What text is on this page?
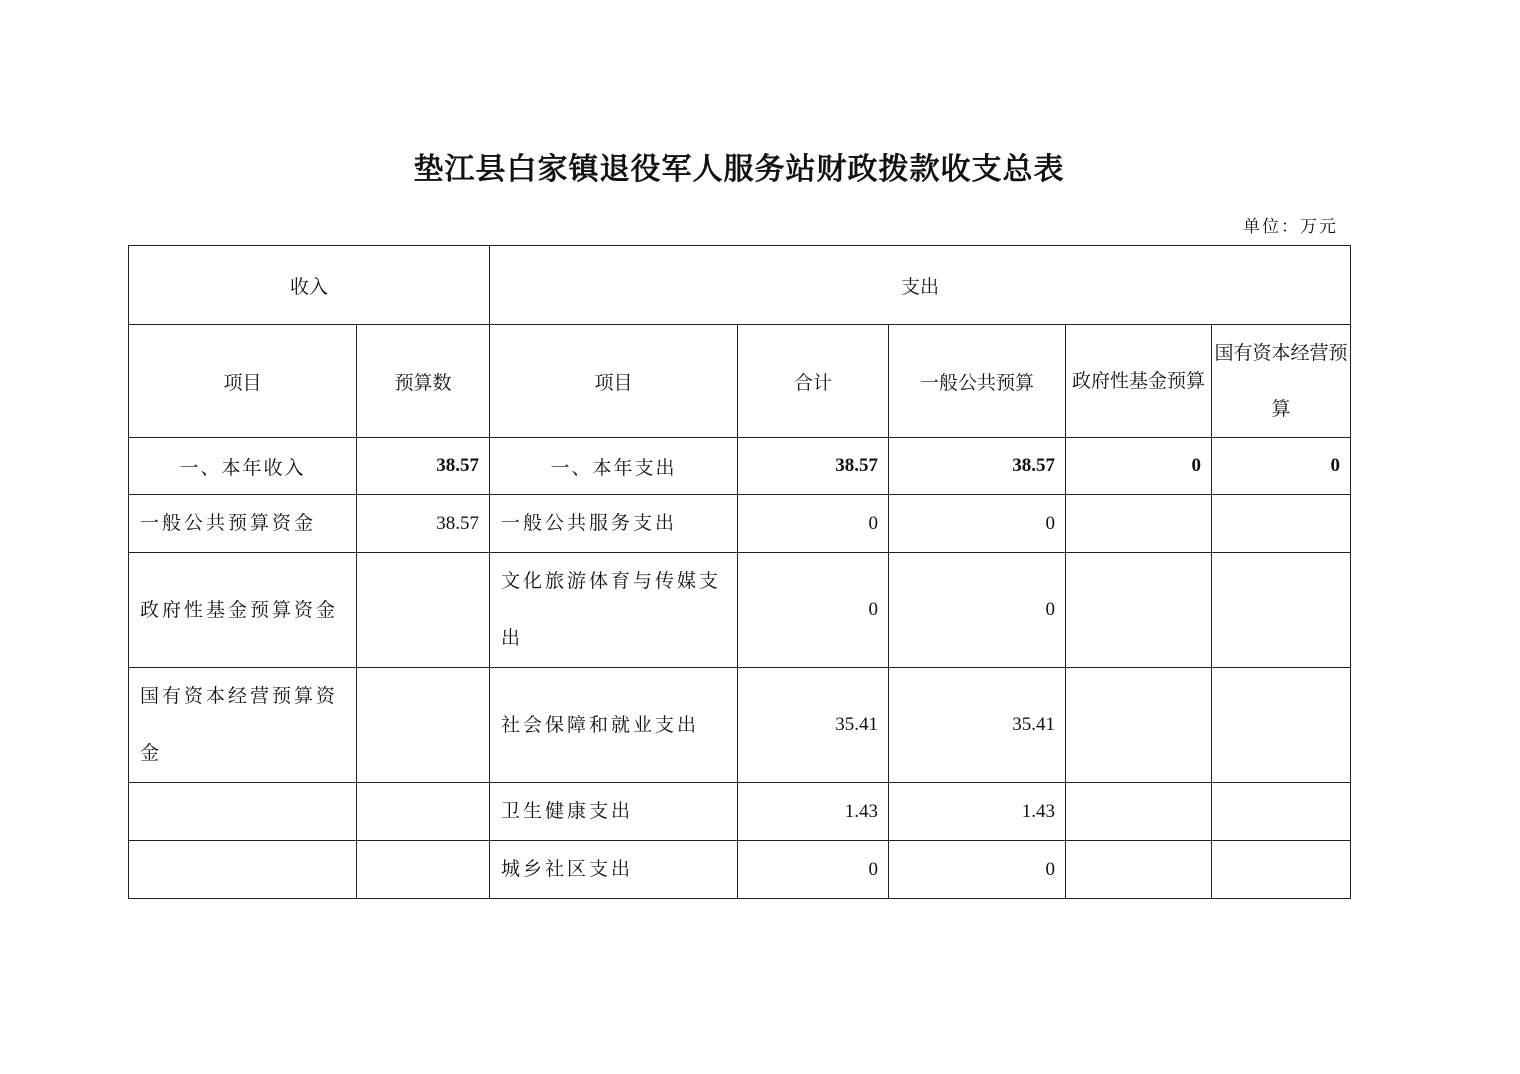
垫江县白家镇退役军人服务站财政拨款收支总表
单位：万元
收入		支出				
项目	预算数	项目	合计	一般公共预算	政府性基金预算	国有资本经营预算
一、本年收入	38.57	一、本年支出	38.57	38.57	0	0
一般公共预算资金	38.57	一般公共服务支出	0	0		
政府性基金预算资金		文化旅游体育与传媒支出	0	0		
国有资本经营预算资金		社会保障和就业支出	35.41	35.41		
		卫生健康支出	1.43	1.43		
		城乡社区支出	0	0		
